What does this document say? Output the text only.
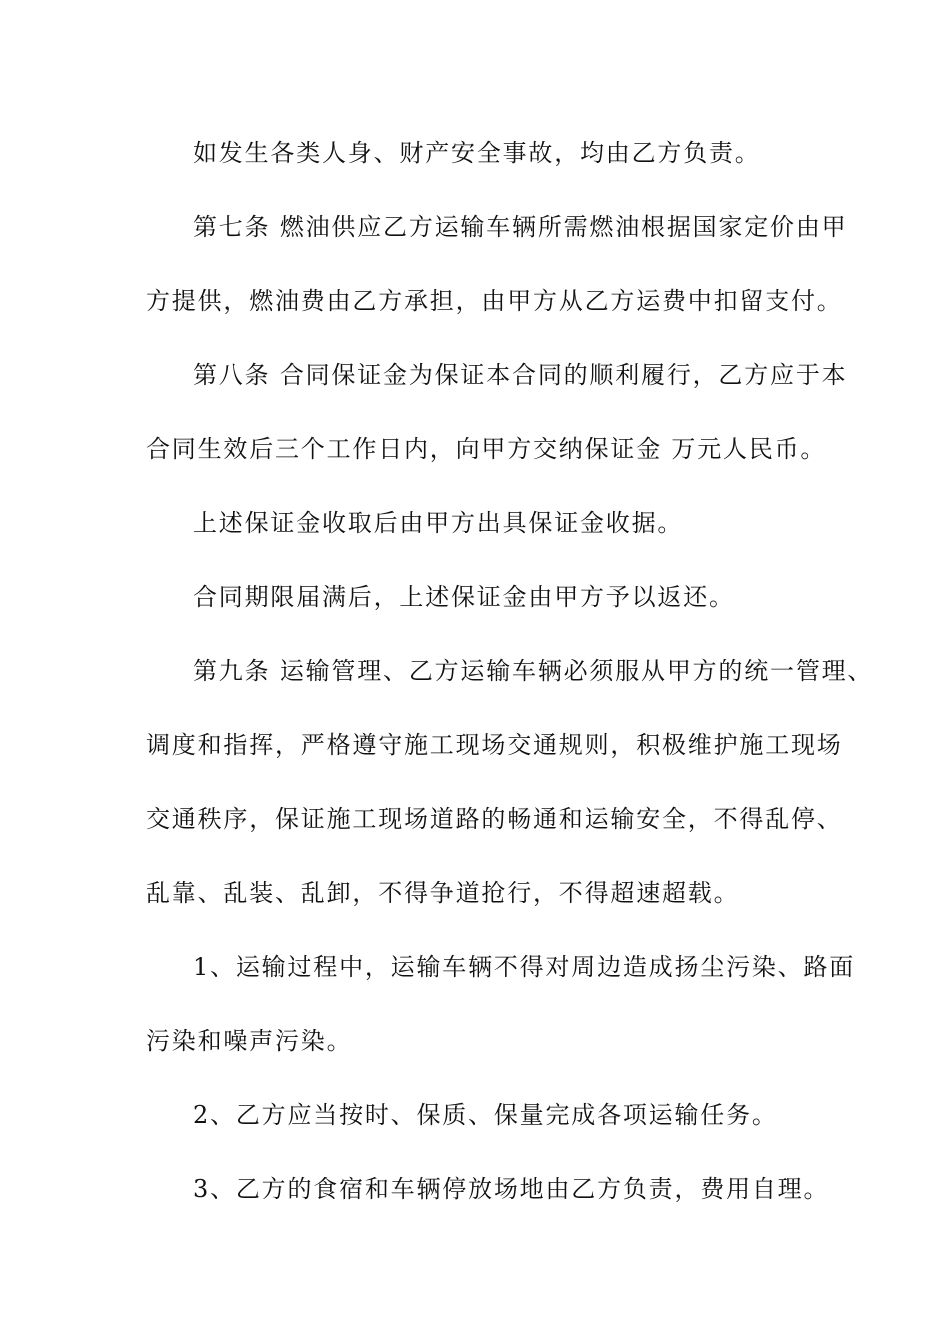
如发生各类人身、财产安全事故，均由乙方负责。
第七条 燃油供应乙方运输车辆所需燃油根据国家定价由甲
方提供，燃油费由乙方承担，由甲方从乙方运费中扣留支付。
第八条 合同保证金为保证本合同的顺利履行，乙方应于本
合同生效后三个工作日内，向甲方交纳保证金 万元人民币。
上述保证金收取后由甲方出具保证金收据。
合同期限届满后，上述保证金由甲方予以返还。
第九条 运输管理、乙方运输车辆必须服从甲方的统一管理、
调度和指挥，严格遵守施工现场交通规则，积极维护施工现场
交通秩序，保证施工现场道路的畅通和运输安全，不得乱停、
乱靠、乱装、乱卸，不得争道抢行，不得超速超载。
1、运输过程中，运输车辆不得对周边造成扬尘污染、路面
污染和噪声污染。
2、乙方应当按时、保质、保量完成各项运输任务。
3、乙方的食宿和车辆停放场地由乙方负责，费用自理。
